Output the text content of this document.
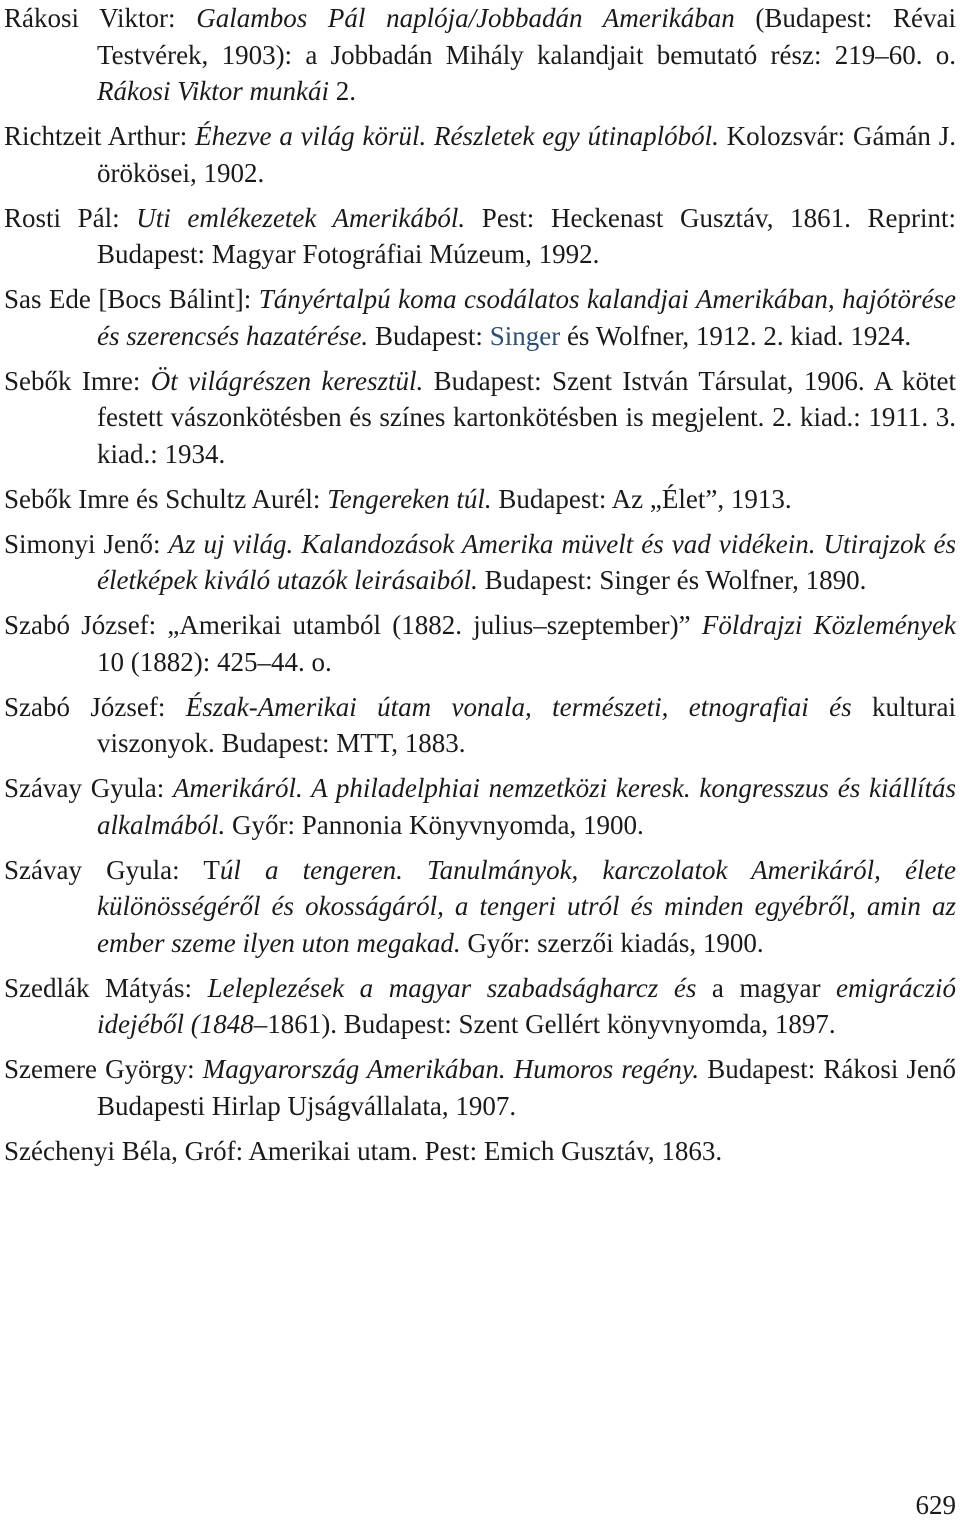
Rákosi Viktor: Galambos Pál naplója/Jobbadán Amerikában (Budapest: Révai Testvérek, 1903): a Jobbadán Mihály kalandjait bemutató rész: 219–60. o. Rákosi Viktor munkái 2.

Richtzeit Arthur: Éhezve a világ körül. Részletek egy útinaplóból. Kolozsvár: Gámán J. örökösei, 1902.

Rosti Pál: Uti emlékezetek Amerikából. Pest: Heckenast Gusztáv, 1861. Reprint: Budapest: Magyar Fotográfiai Múzeum, 1992.

Sas Ede [Bocs Bálint]: Tányértalpú koma csodálatos kalandjai Amerikában, hajótörése és szerencsés hazatérése. Budapest: Singer és Wolfner, 1912. 2. kiad. 1924.

Sebők Imre: Öt világrészen keresztül. Budapest: Szent István Társulat, 1906. A kötet festett vászonkötésben és színes kartonkötésben is megjelent. 2. kiad.: 1911. 3. kiad.: 1934.

Sebők Imre és Schultz Aurél: Tengereken túl. Budapest: Az „Élet”, 1913.

Simonyi Jenő: Az uj világ. Kalandozások Amerika müvelt és vad vidékein. Utirajzok és életképek kiváló utazók leirásaiból. Budapest: Singer és Wolfner, 1890.

Szabó József: „Amerikai utamból (1882. julius–szeptember)” Földrajzi Közlemények 10 (1882): 425–44. o.

Szabó József: Észak-Amerikai útam vonala, természeti, etnografiai és kulturai viszonyok. Budapest: MTT, 1883.

Szávay Gyula: Amerikáról. A philadelphiai nemzetközi keresk. kongresszus és kiállítás alkalmából. Győr: Pannonia Könyvnyomda, 1900.

Szávay Gyula: Túl a tengeren. Tanulmányok, karczolatok Amerikáról, élete különösségéről és okosságáról, a tengeri utról és minden egyébről, amin az ember szeme ilyen uton megakad. Győr: szerzői kiadás, 1900.

Szedlák Mátyás: Leleplezések a magyar szabadságharcz és a magyar emigráczió idejéből (1848–1861). Budapest: Szent Gellért könyvnyomda, 1897.

Szemere György: Magyarország Amerikában. Humoros regény. Budapest: Rákosi Jenő Budapesti Hirlap Ujságvállalata, 1907.

Széchenyi Béla, Gróf: Amerikai utam. Pest: Emich Gusztáv, 1863.

629
